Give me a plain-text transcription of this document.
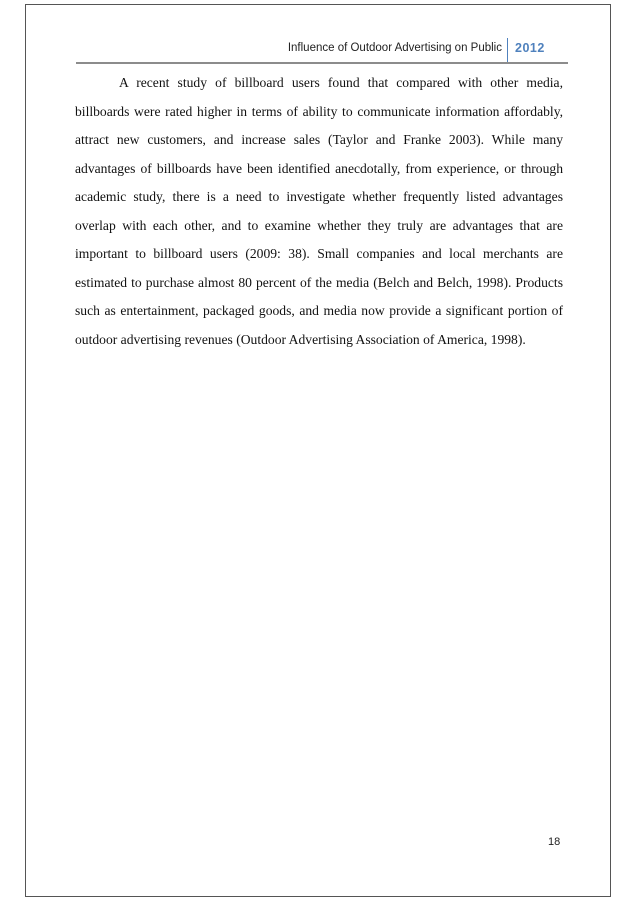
Influence of Outdoor Advertising on Public 2012

A recent study of billboard users found that compared with other media, billboards were rated higher in terms of ability to communicate information affordably, attract new customers, and increase sales (Taylor and Franke 2003). While many advantages of billboards have been identified anecdotally, from experience, or through academic study, there is a need to investigate whether frequently listed advantages overlap with each other, and to examine whether they truly are advantages that are important to billboard users (2009: 38). Small companies and local merchants are estimated to purchase almost 80 percent of the media (Belch and Belch, 1998). Products such as entertainment, packaged goods, and media now provide a significant portion of outdoor advertising revenues (Outdoor Advertising Association of America, 1998).

18
